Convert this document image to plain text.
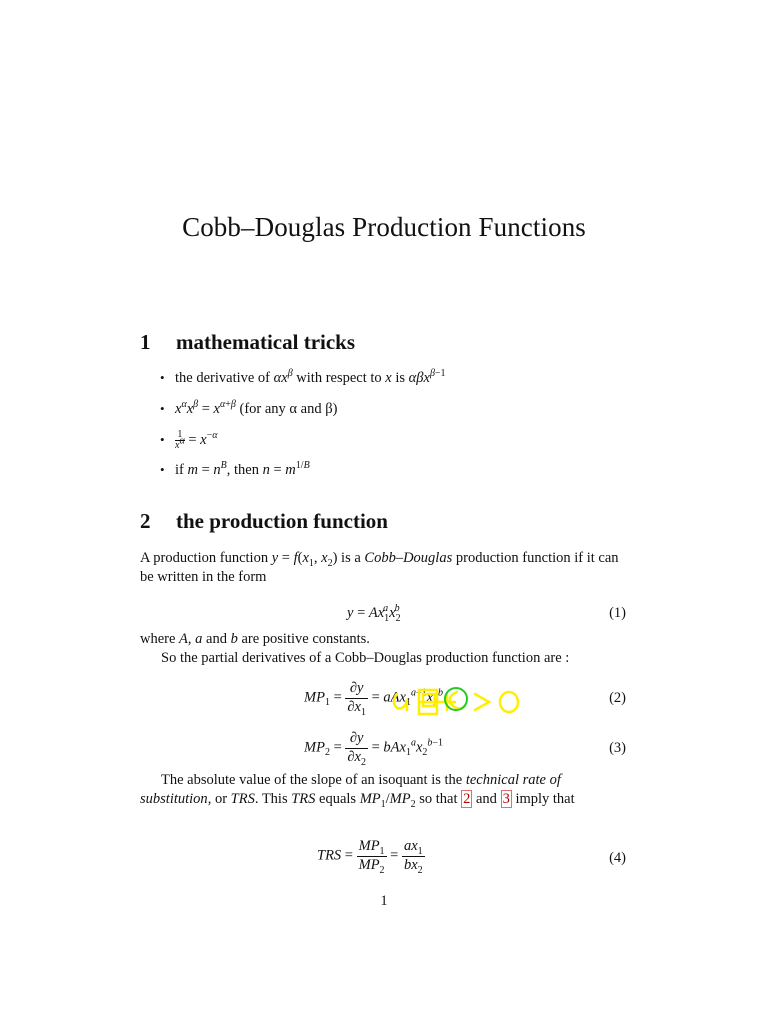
Cobb–Douglas Production Functions
1 mathematical tricks
• the derivative of $\alpha x^\beta$ with respect to x is αβx$^{\beta-1}$
• $x^\alpha x^\beta = x^{\alpha+\beta}$ (for any α and β)
• $\frac{1}{x^\alpha} = x^{-\alpha}$
• if $m = n^B$, then $n = m^{1/B}$
2 the production function
A production function $y = f(x_1$, $x_2$) is a Cobb–Douglas production function if it can be written in the form
$y = Ax_1^ax_2^b$	(1)
where A, a and b are positive constants.
So the partial derivatives of a Cobb–Douglas production function are :
$MP_1 = \frac{\partial y}{\partial x_1} = aAx_1^{a-1}x_2^b$	(2)
$MP_2 = \frac{\partial y}{\partial x_2} = bAx_1^ax_2^{b-1}$	(3)
The absolute value of the slope of an isoquant is the technical rate of substitution, or TRS. This TRS equals $MP_1/MP_2$ so that 2 and 3 imply that
TRS = $\frac{MP_1}{MP_2} = \frac{ax_1}{bx_2}$	(4)
1
